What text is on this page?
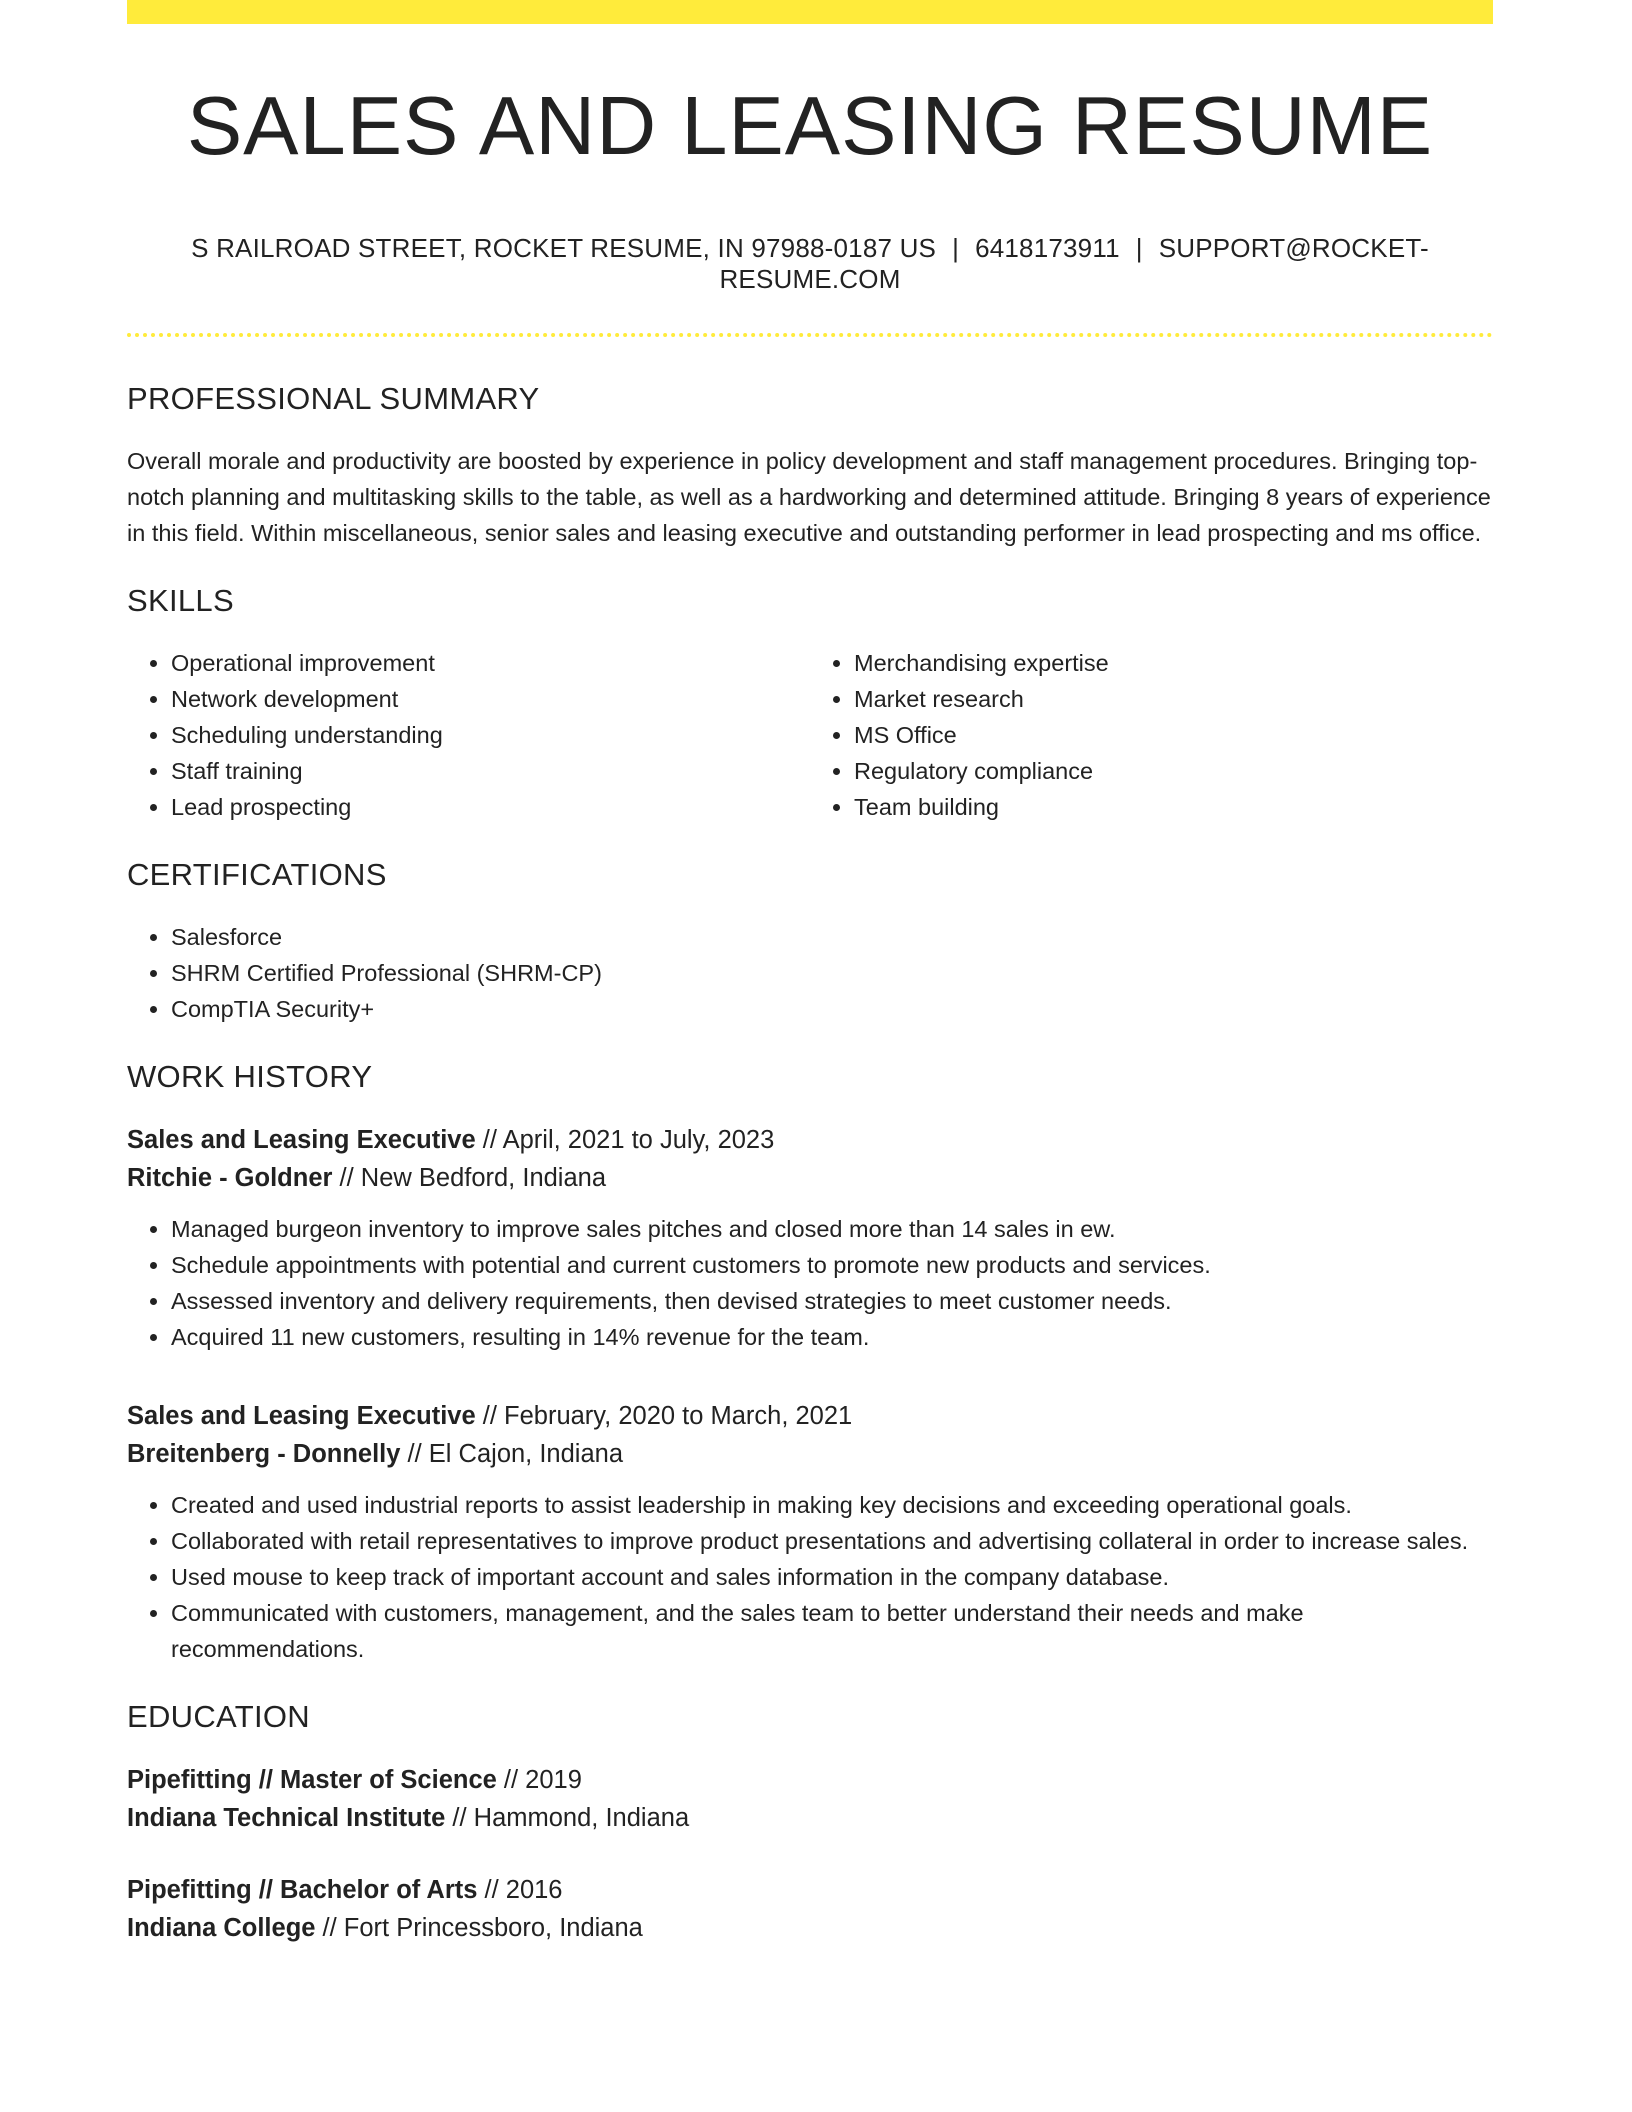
SALES AND LEASING RESUME
S RAILROAD STREET, ROCKET RESUME, IN 97988-0187 US | 6418173911 | SUPPORT@ROCKET-RESUME.COM
PROFESSIONAL SUMMARY

Overall morale and productivity are boosted by experience in policy development and staff management procedures. Bringing top-notch planning and multitasking skills to the table, as well as a hardworking and determined attitude. Bringing 8 years of experience in this field. Within miscellaneous, senior sales and leasing executive and outstanding performer in lead prospecting and ms office.

SKILLS
• Operational improvement
• Network development
• Scheduling understanding
• Staff training
• Lead prospecting
• Merchandising expertise
• Market research
• MS Office
• Regulatory compliance
• Team building
CERTIFICATIONS
• Salesforce
• SHRM Certified Professional (SHRM-CP)
• CompTIA Security+
WORK HISTORY
Sales and Leasing Executive // April, 2021 to July, 2023
Ritchie - Goldner // New Bedford, Indiana
• Managed burgeon inventory to improve sales pitches and closed more than 14 sales in ew.
• Schedule appointments with potential and current customers to promote new products and services.
• Assessed inventory and delivery requirements, then devised strategies to meet customer needs.
• Acquired 11 new customers, resulting in 14% revenue for the team.
Sales and Leasing Executive // February, 2020 to March, 2021
Breitenberg - Donnelly // El Cajon, Indiana
• Created and used industrial reports to assist leadership in making key decisions and exceeding operational goals.
• Collaborated with retail representatives to improve product presentations and advertising collateral in order to increase sales.
• Used mouse to keep track of important account and sales information in the company database.
• Communicated with customers, management, and the sales team to better understand their needs and make recommendations.
EDUCATION
Pipefitting // Master of Science // 2019
Indiana Technical Institute // Hammond, Indiana
Pipefitting // Bachelor of Arts // 2016
Indiana College // Fort Princessboro, Indiana
